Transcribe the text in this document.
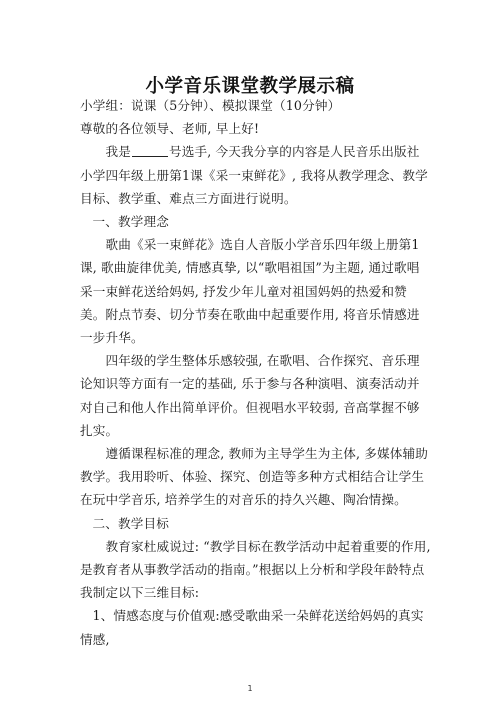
小学音乐课堂教学展示稿

小学组：说课（5分钟）、模拟课堂（10分钟）

尊敬的各位领导、老师, 早上好!

我是	号选手, 今天我分享的内容是人民音乐出版社小学四年级上册第1课《采一束鲜花》, 我将从教学理念、教学目标、教学重、难点三方面进行说明。

一、教学理念

歌曲《采一束鲜花》选自人音版小学音乐四年级上册第1课, 歌曲旋律优美, 情感真挚, 以“歌唱祖国”为主题, 通过歌唱采一束鲜花送给妈妈, 抒发少年儿童对祖国妈妈的热爱和赞美。附点节奏、切分节奏在歌曲中起重要作用, 将音乐情感进一步升华。

四年级的学生整体乐感较强, 在歌唱、合作探究、音乐理论知识等方面有一定的基础, 乐于参与各种演唱、演奏活动并对自己和他人作出简单评价。但视唱水平较弱, 音高掌握不够扎实。

遵循课程标准的理念, 教师为主导学生为主体, 多媒体辅助教学。我用聆听、体验、探究、创造等多种方式相结合让学生在玩中学音乐, 培养学生的对音乐的持久兴趣、陶冶情操。

二、教学目标

教育家杜威说过: “教学目标在教学活动中起着重要的作用, 是教育者从事教学活动的指南。”根据以上分析和学段年龄特点我制定以下三维目标:

1、情感态度与价值观:感受歌曲采一朵鲜花送给妈妈的真实情感,

1
